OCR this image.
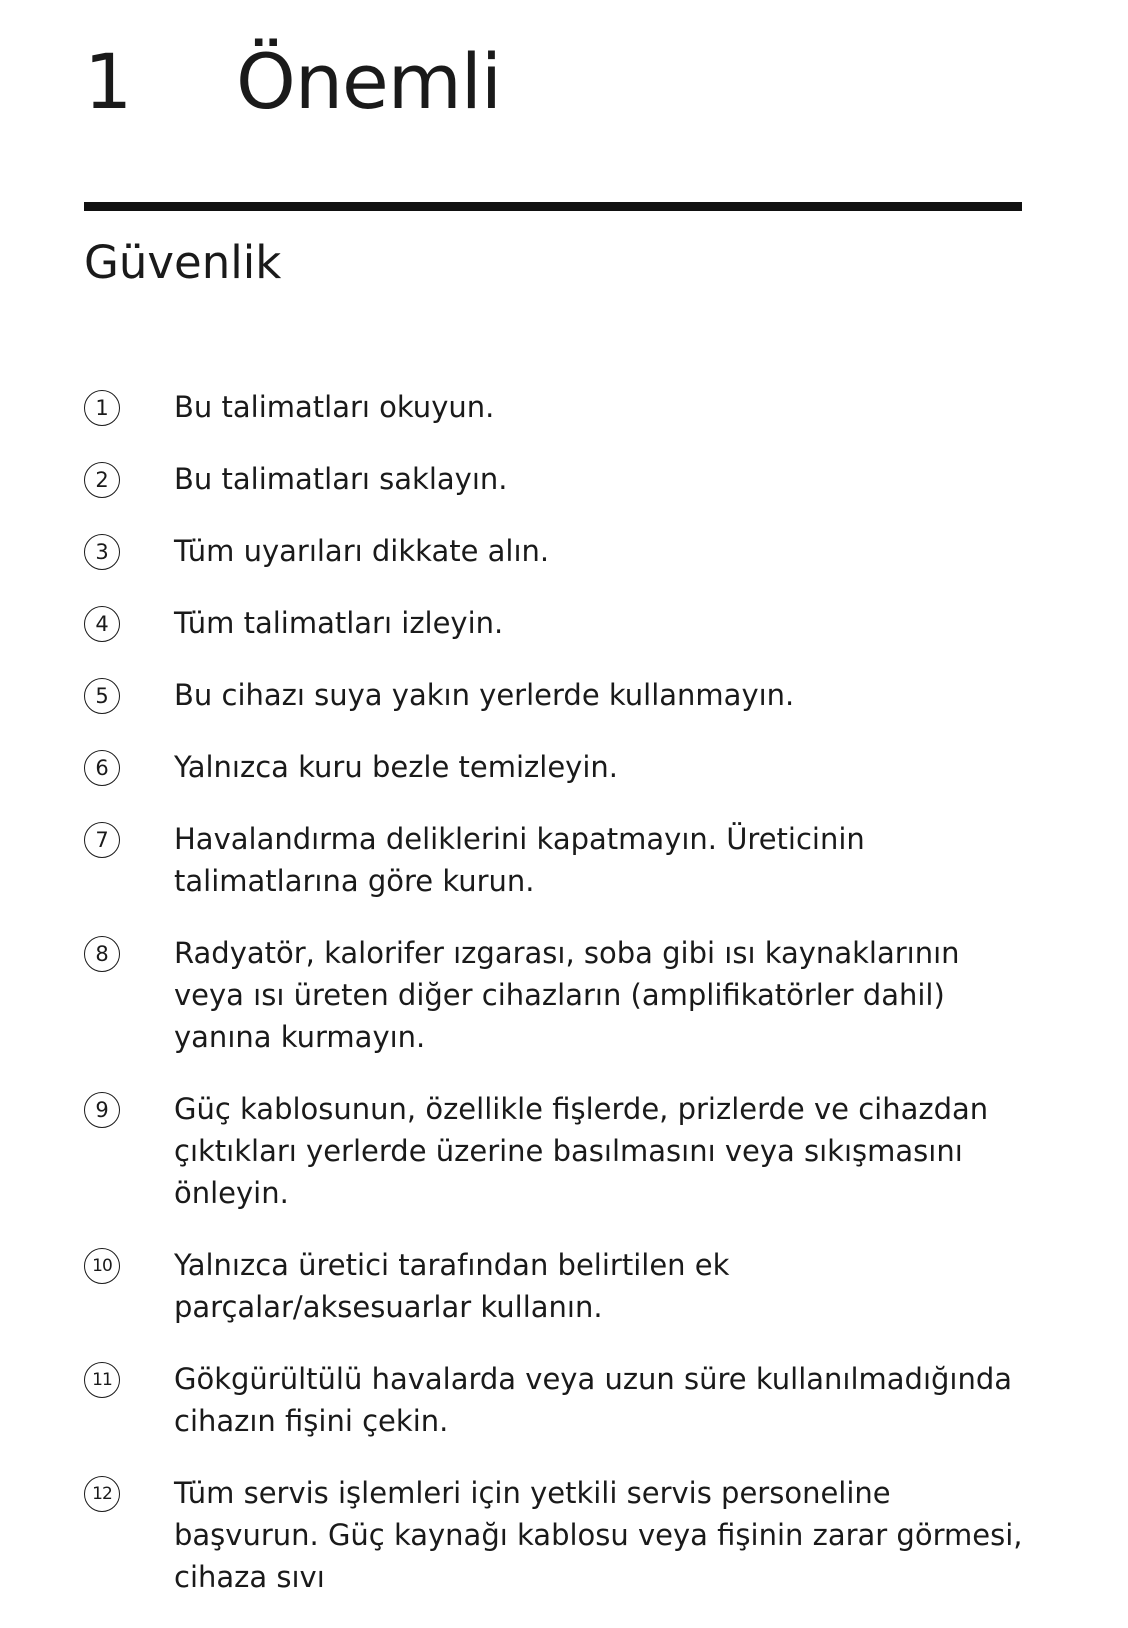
1	Önemli
Güvenlik
1	Bu talimatları okuyun.
2	Bu talimatları saklayın.
3	Tüm uyarıları dikkate alın.
4	Tüm talimatları izleyin.
5	Bu cihazı suya yakın yerlerde kullanmayın.
6	Yalnızca kuru bezle temizleyin.
7	Havalandırma deliklerini kapatmayın. Üreticinin talimatlarına göre kurun.
8	Radyatör, kalorifer ızgarası, soba gibi ısı kaynaklarının veya ısı üreten diğer cihazların (amplifikatörler dahil) yanına kurmayın.
9	Güç kablosunun, özellikle fişlerde, prizlerde ve cihazdan çıktıkları yerlerde üzerine basılmasını veya sıkışmasını önleyin.
10 Yalnızca üretici tarafından belirtilen ek parçalar/aksesuarlar kullanın.
11 Gökgürültülü havalarda veya uzun süre kullanılmadığında cihazın fişini çekin.
12 Tüm servis işlemleri için yetkili servis personeline başvurun. Güç kaynağı kablosu veya fişinin zarar görmesi, cihaza sıvı
